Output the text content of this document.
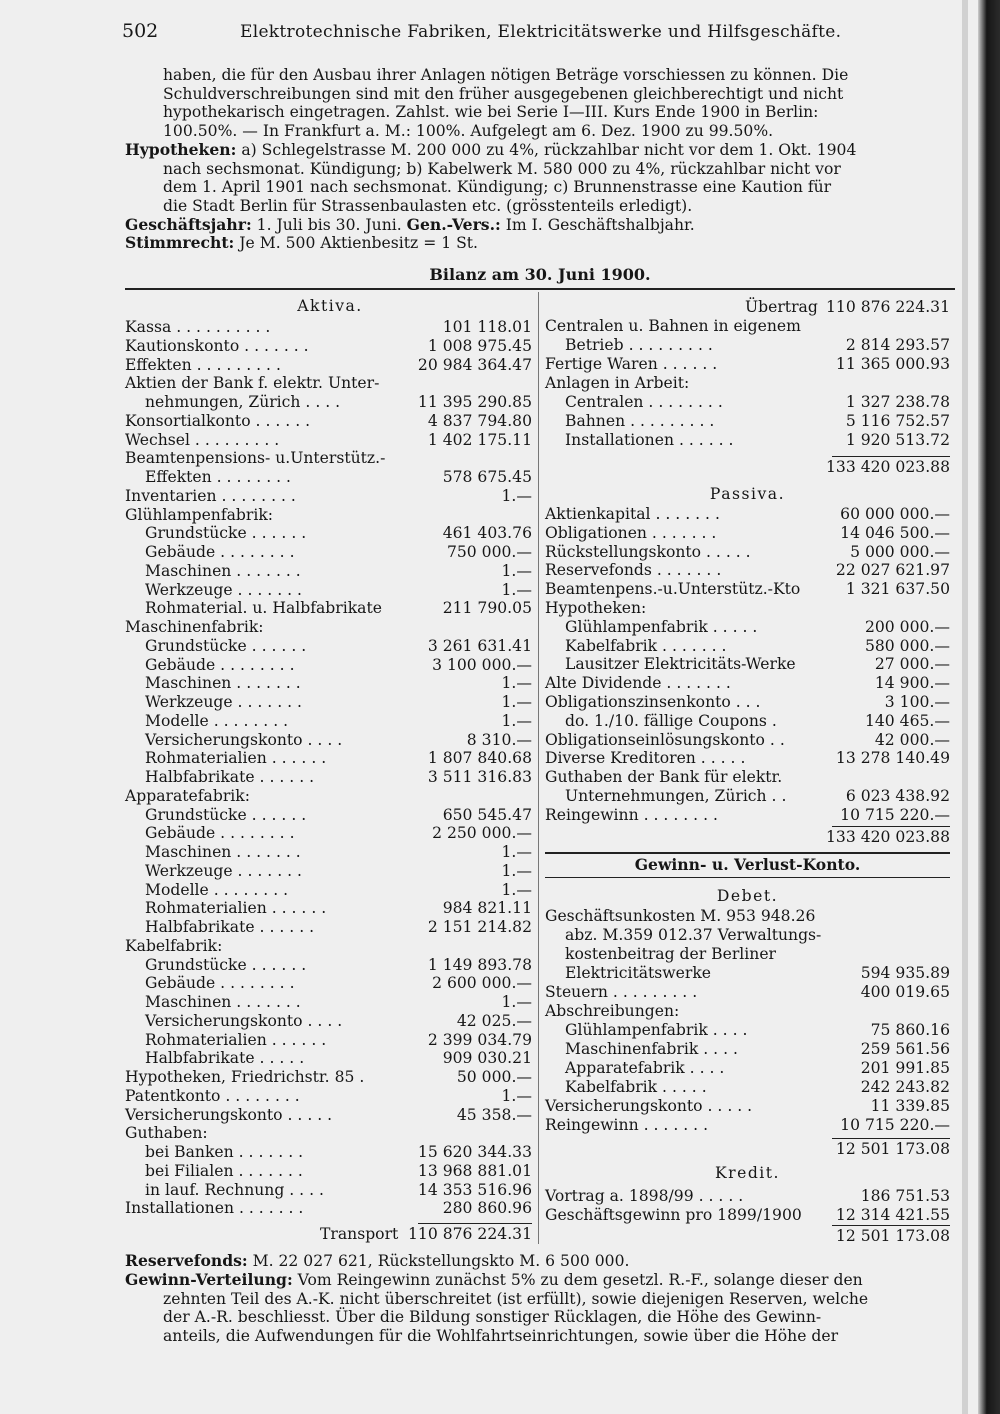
502	Elektrotechnische Fabriken, Elektricitätswerke und Hilfsgeschäfte.
haben, die für den Ausbau ihrer Anlagen nötigen Beträge vorschiessen zu können. Die
Schuldverschreibungen sind mit den früher ausgegebenen gleichberechtigt und nicht
hypothekarisch eingetragen. Zahlst. wie bei Serie I—III. Kurs Ende 1900 in Berlin:
100.50%. — In Frankfurt a. M.: 100%. Aufgelegt am 6. Dez. 1900 zu 99.50%.
Hypotheken: a) Schlegelstrasse M. 200 000 zu 4%, rückzahlbar nicht vor dem 1. Okt. 1904
nach sechsmonat. Kündigung; b) Kabelwerk M. 580 000 zu 4%, rückzahlbar nicht vor
dem 1. April 1901 nach sechsmonat. Kündigung; c) Brunnenstrasse eine Kaution für
die Stadt Berlin für Strassenbaulasten etc. (grösstenteils erledigt).
Geschäftsjahr: 1. Juli bis 30. Juni. Gen.-Vers.: Im I. Geschäftshalbjahr.
Stimmrecht: Je M. 500 Aktienbesitz = 1 St.
Bilanz am 30. Juni 1900.
Aktiva.
Kassa . . . . . . . . . .	101 118.01
Kautionskonto . . . . . . .	1 008 975.45
Effekten . . . . . . . . .	20 984 364.47
Aktien der Bank f. elektr. Unter-
nehmungen, Zürich . . . .	11 395 290.85
Konsortialkonto . . . . . .	4 837 794.80
Wechsel . . . . . . . . .	1 402 175.11
Beamtenpensions- u.Unterstütz.-
Effekten . . . . . . . .	578 675.45
Inventarien . . . . . . . .	1.—
Glühlampenfabrik:
Grundstücke . . . . . .	461 403.76
Gebäude . . . . . . . .	750 000.—
Maschinen . . . . . . .	1.—
Werkzeuge . . . . . . .	1.—
Rohmaterial. u. Halbfabrikate	211 790.05
Maschinenfabrik:
Grundstücke . . . . . .	3 261 631.41
Gebäude . . . . . . . .	3 100 000.—
Maschinen . . . . . . .	1.—
Werkzeuge . . . . . . .	1.—
Modelle . . . . . . . .	1.—
Versicherungskonto . . . .	8 310.—
Rohmaterialien . . . . . .	1 807 840.68
Halbfabrikate . . . . . .	3 511 316.83
Apparatefabrik:
Grundstücke . . . . . .	650 545.47
Gebäude . . . . . . . .	2 250 000.—
Maschinen . . . . . . .	1.—
Werkzeuge . . . . . . .	1.—
Modelle . . . . . . . .	1.—
Rohmaterialien . . . . . .	984 821.11
Halbfabrikate . . . . . .	2 151 214.82
Kabelfabrik:
Grundstücke . . . . . .	1 149 893.78
Gebäude . . . . . . . .	2 600 000.—
Maschinen . . . . . . .	1.—
Versicherungskonto . . . .	42 025.—
Rohmaterialien . . . . . .	2 399 034.79
Halbfabrikate . . . . .	909 030.21
Hypotheken, Friedrichstr. 85 .	50 000.—
Patentkonto . . . . . . . .	1.—
Versicherungskonto . . . . .	45 358.—
Guthaben:
bei Banken . . . . . . .	15 620 344.33
bei Filialen . . . . . . .	13 968 881.01
in lauf. Rechnung . . . .	14 353 516.96
Installationen . . . . . . .	280 860.96
Transport 110 876 224.31
Übertrag 110 876 224.31
Centralen u. Bahnen in eigenem
Betrieb . . . . . . . . .	2 814 293.57
Fertige Waren . . . . . .	11 365 000.93
Anlagen in Arbeit:
Centralen . . . . . . . .	1 327 238.78
Bahnen . . . . . . . . .	5 116 752.57
Installationen . . . . . .	1 920 513.72
133 420 023.88
Passiva.
Aktienkapital . . . . . . .	60 000 000.—
Obligationen . . . . . . .	14 046 500.—
Rückstellungskonto . . . . .	5 000 000.—
Reservefonds . . . . . . .	22 027 621.97
Beamtenpens.-u.Unterstütz.-Kto	1 321 637.50
Hypotheken:
Glühlampenfabrik . . . . .	200 000.—
Kabelfabrik . . . . . . .	580 000.—
Lausitzer Elektricitäts-Werke	27 000.—
Alte Dividende . . . . . . .	14 900.—
Obligationszinsenkonto . . .	3 100.—
do. 1./10. fällige Coupons .	140 465.—
Obligationseinlösungskonto . .	42 000.—
Diverse Kreditoren . . . . .	13 278 140.49
Guthaben der Bank für elektr.
Unternehmungen, Zürich . .	6 023 438.92
Reingewinn . . . . . . . .	10 715 220.—
133 420 023.88
Gewinn- u. Verlust-Konto.
Debet.
Geschäftsunkosten M. 953 948.26
abz. M.359 012.37 Verwaltungs-
kostenbeitrag der Berliner
Elektricitätswerke	594 935.89
Steuern . . . . . . . . .	400 019.65
Abschreibungen:
Glühlampenfabrik . . . .	75 860.16
Maschinenfabrik . . . .	259 561.56
Apparatefabrik . . . .	201 991.85
Kabelfabrik . . . . .	242 243.82
Versicherungskonto . . . . .	11 339.85
Reingewinn . . . . . . .	10 715 220.—
12 501 173.08
Kredit.
Vortrag a. 1898/99 . . . . .	186 751.53
Geschäftsgewinn pro 1899/1900 12 314 421.55
12 501 173.08
Reservefonds: M. 22 027 621, Rückstellungskto M. 6 500 000.
Gewinn-Verteilung: Vom Reingewinn zunächst 5% zu dem gesetzl. R.-F., solange dieser den
zehnten Teil des A.-K. nicht überschreitet (ist erfüllt), sowie diejenigen Reserven, welche
der A.-R. beschliesst. Über die Bildung sonstiger Rücklagen, die Höhe des Gewinn-
anteils, die Aufwendungen für die Wohlfahrtseinrichtungen, sowie über die Höhe der
